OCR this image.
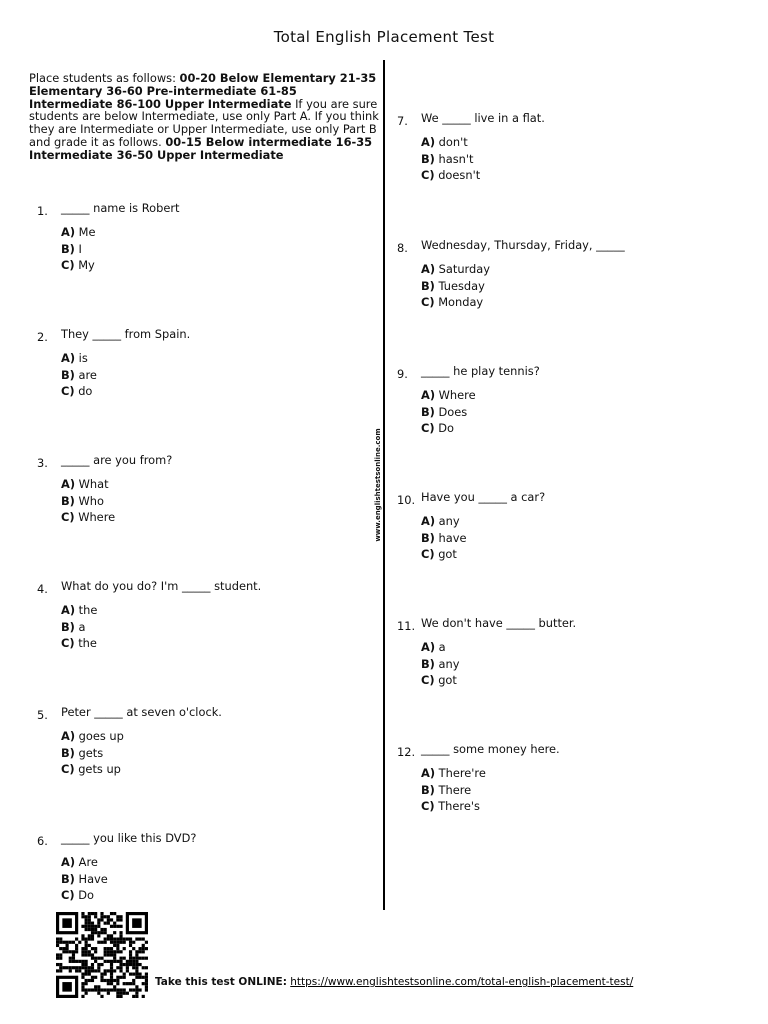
Total English Placement Test
www.englishtestsonline.com
Place students as follows: 00-20 Below Elementary 21-35 Elementary 36-60 Pre-intermediate 61-85 Intermediate 86-100 Upper Intermediate If you are sure students are below Intermediate, use only Part A. If you think they are Intermediate or Upper Intermediate, use only Part B and grade it as follows. 00-15 Below intermediate 16-35 Intermediate 36-50 Upper Intermediate
1.	_____ name is Robert
A) Me
B) I
C) My
2.	They _____ from Spain.
A) is
B) are
C) do
3.	_____ are you from?
A) What
B) Who
C) Where
4.	What do you do? I'm _____ student.
A) the
B) a
C) the
5.	Peter _____ at seven o'clock.
A) goes up
B) gets
C) gets up
6.	_____ you like this DVD?
A) Are
B) Have
C) Do
7.	We _____ live in a flat.
A) don't
B) hasn't
C) doesn't
8.	Wednesday, Thursday, Friday, _____
A) Saturday
B) Tuesday
C) Monday
9.	_____ he play tennis?
A) Where
B) Does
C) Do
10. Have you _____ a car?
A) any
B) have
C) got
11. We don't have _____ butter.
A) a
B) any
C) got
12. _____ some money here.
A) There're
B) There
C) There's
Take this test ONLINE: https://www.englishtestsonline.com/total-english-placement-test/
